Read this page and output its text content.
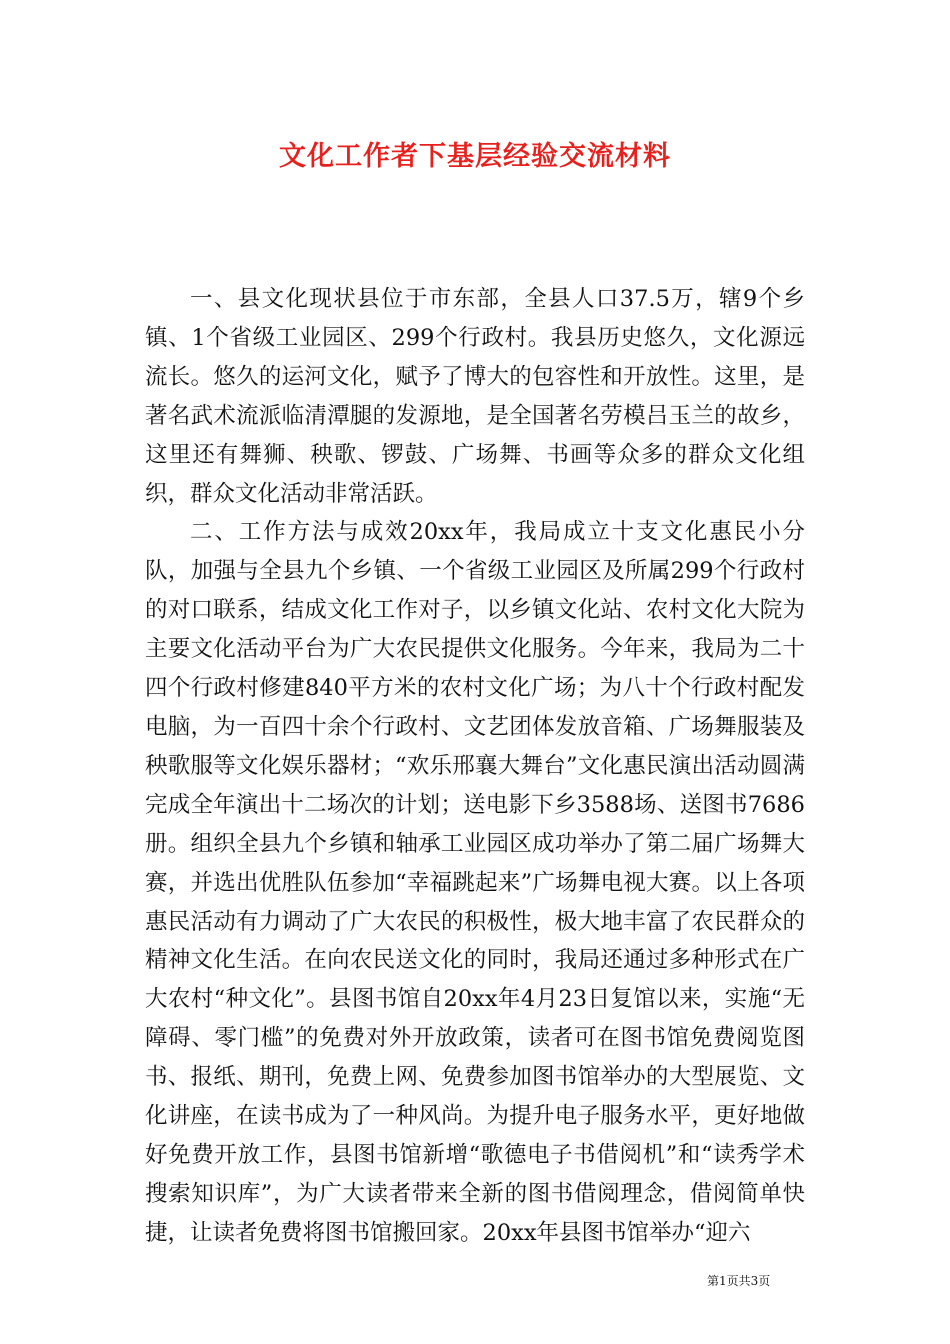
文化工作者下基层经验交流材料

一、县文化现状县位于市东部，全县人口37.5万，辖9个乡镇、1个省级工业园区、299个行政村。我县历史悠久，文化源远流长。悠久的运河文化，赋予了博大的包容性和开放性。这里，是著名武术流派临清潭腿的发源地，是全国著名劳模吕玉兰的故乡，这里还有舞狮、秧歌、锣鼓、广场舞、书画等众多的群众文化组织，群众文化活动非常活跃。

二、工作方法与成效20xx年，我局成立十支文化惠民小分队，加强与全县九个乡镇、一个省级工业园区及所属299个行政村的对口联系，结成文化工作对子，以乡镇文化站、农村文化大院为主要文化活动平台为广大农民提供文化服务。今年来，我局为二十四个行政村修建840平方米的农村文化广场；为八十个行政村配发电脑，为一百四十余个行政村、文艺团体发放音箱、广场舞服装及秧歌服等文化娱乐器材；“欢乐邢襄大舞台”文化惠民演出活动圆满完成全年演出十二场次的计划；送电影下乡3588场、送图书7686册。组织全县九个乡镇和轴承工业园区成功举办了第二届广场舞大赛，并选出优胜队伍参加“幸福跳起来”广场舞电视大赛。以上各项惠民活动有力调动了广大农民的积极性，极大地丰富了农民群众的精神文化生活。在向农民送文化的同时，我局还通过多种形式在广大农村“种文化”。县图书馆自20xx年4月23日复馆以来，实施“无障碍、零门槛”的免费对外开放政策，读者可在图书馆免费阅览图书、报纸、期刊，免费上网、免费参加图书馆举办的大型展览、文化讲座，在读书成为了一种风尚。为提升电子服务水平，更好地做好免费开放工作，县图书馆新增“歌德电子书借阅机”和“读秀学术搜索知识库”，为广大读者带来全新的图书借阅理念，借阅简单快捷，让读者免费将图书馆搬回家。20xx年县图书馆举办“迎六

第1页共3页
